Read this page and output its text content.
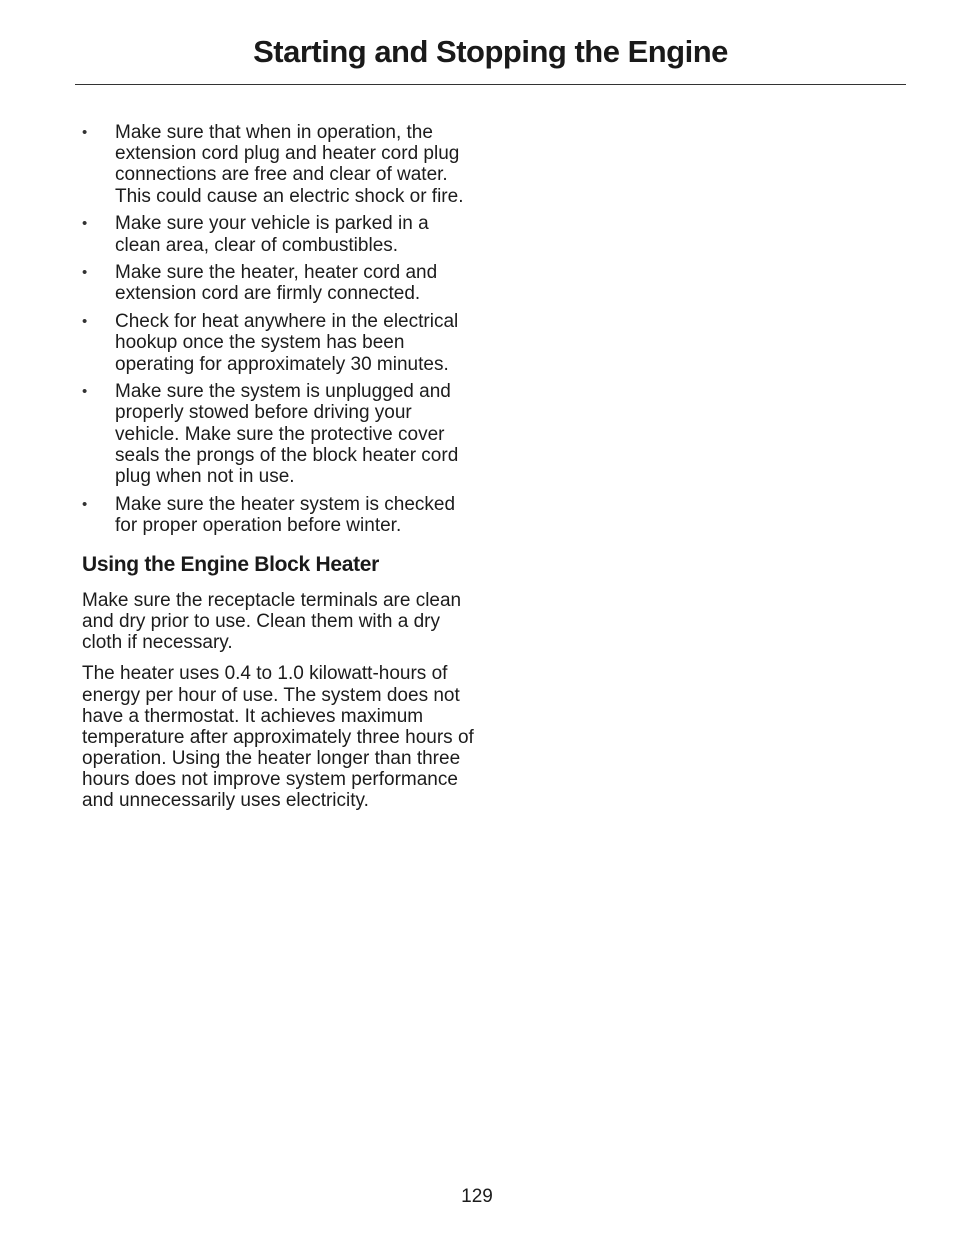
Starting and Stopping the Engine
• Make sure that when in operation, the extension cord plug and heater cord plug connections are free and clear of water. This could cause an electric shock or fire.
• Make sure your vehicle is parked in a clean area, clear of combustibles.
• Make sure the heater, heater cord and extension cord are firmly connected.
• Check for heat anywhere in the electrical hookup once the system has been operating for approximately 30 minutes.
• Make sure the system is unplugged and properly stowed before driving your vehicle. Make sure the protective cover seals the prongs of the block heater cord plug when not in use.
• Make sure the heater system is checked for proper operation before winter.
Using the Engine Block Heater

Make sure the receptacle terminals are clean and dry prior to use. Clean them with a dry cloth if necessary.

The heater uses 0.4 to 1.0 kilowatt-hours of energy per hour of use. The system does not have a thermostat. It achieves maximum temperature after approximately three hours of operation. Using the heater longer than three hours does not improve system performance and unnecessarily uses electricity.

129
